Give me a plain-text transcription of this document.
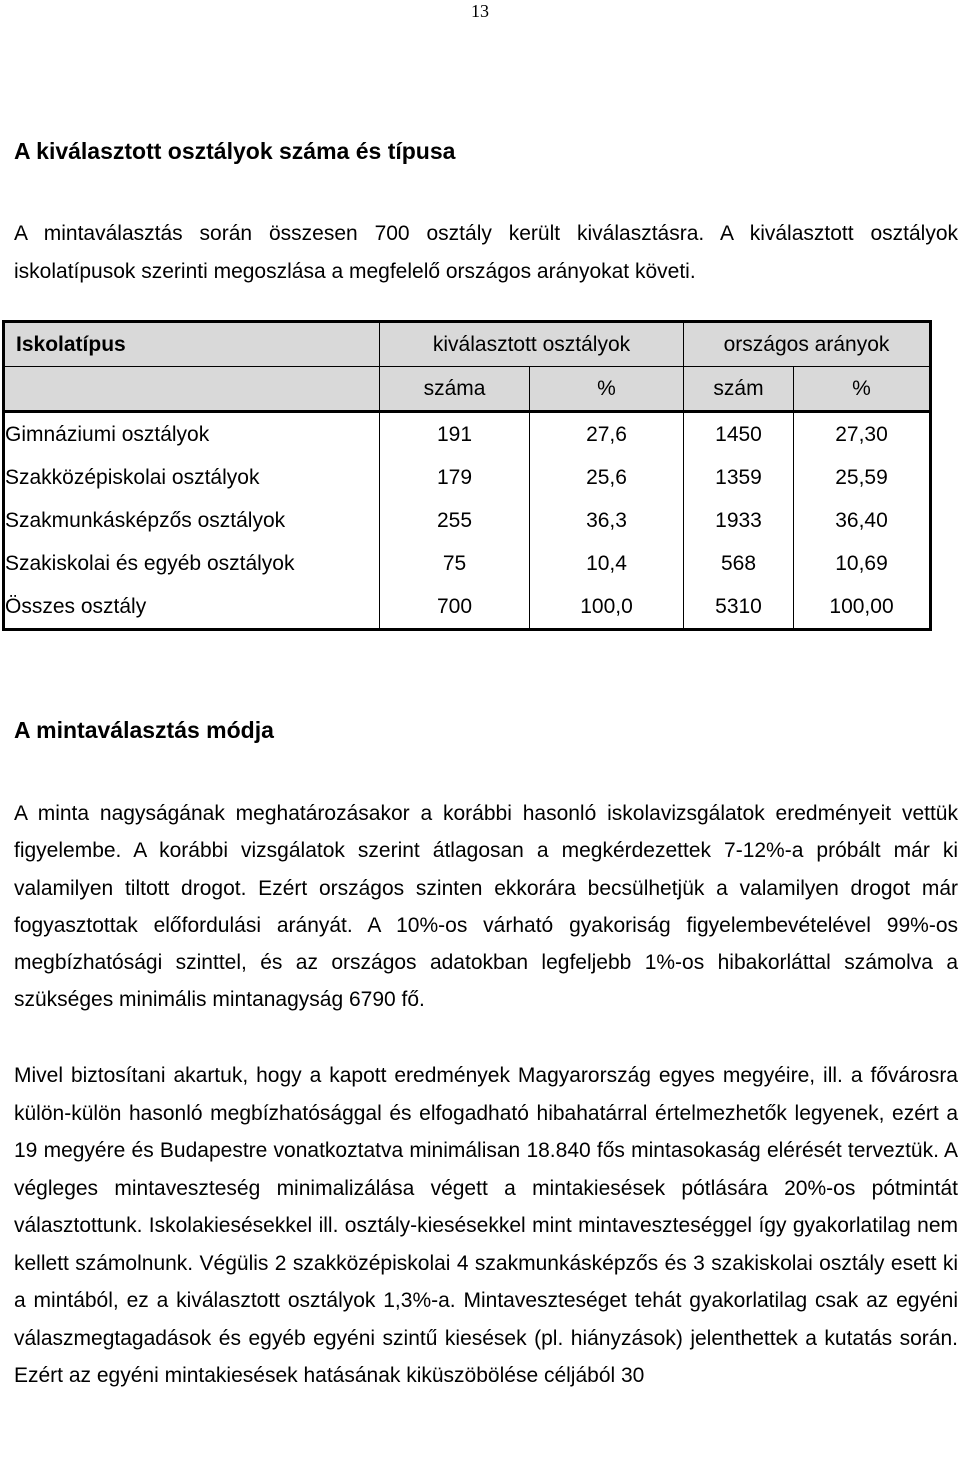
13
A kiválasztott osztályok száma és típusa
A mintaválasztás során összesen 700 osztály került kiválasztásra. A kiválasztott osztályok iskolatípusok szerinti megoszlása a megfelelő országos arányokat követi.
Iskolatípus	kiválasztott osztályok		országos arányok	
	száma	%	szám	%
Gimnáziumi osztályok	191	27,6	1450	27,30
Szakközépiskolai osztályok	179	25,6	1359	25,59
Szakmunkásképzős osztályok	255	36,3	1933	36,40
Szakiskolai és egyéb osztályok	75	10,4	568	10,69
Összes osztály	700	100,0	5310	100,00
A mintaválasztás módja
A minta nagyságának meghatározásakor a korábbi hasonló iskolavizsgálatok eredményeit vettük figyelembe. A korábbi vizsgálatok szerint átlagosan a megkérdezettek 7-12%-a próbált már ki valamilyen tiltott drogot. Ezért országos szinten ekkorára becsülhetjük a valamilyen drogot már fogyasztottak előfordulási arányát. A 10%-os várható gyakoriság figyelembevételével 99%-os megbízhatósági szinttel, és az országos adatokban legfeljebb 1%-os hibakorláttal számolva a szükséges minimális mintanagyság 6790 fő.
Mivel biztosítani akartuk, hogy a kapott eredmények Magyarország egyes megyéire, ill. a fővárosra külön-külön hasonló megbízhatósággal és elfogadható hibahatárral értelmezhetők legyenek, ezért a 19 megyére és Budapestre vonatkoztatva minimálisan 18.840 fős mintasokaság elérését terveztük. A végleges mintaveszteség minimalizálása végett a mintakiesések pótlására 20%-os pótmintát választottunk. Iskolakiesésekkel ill. osztály-kiesésekkel mint mintaveszteséggel így gyakorlatilag nem kellett számolnunk. Végülis 2 szakközépiskolai 4 szakmunkásképzős és 3 szakiskolai osztály esett ki a mintából, ez a kiválasztott osztályok 1,3%-a. Mintaveszteséget tehát gyakorlatilag csak az egyéni válaszmegtagadások és egyéb egyéni szintű kiesések (pl. hiányzások) jelenthettek a kutatás során. Ezért az egyéni mintakiesések hatásának kiküszöbölése céljából 30
